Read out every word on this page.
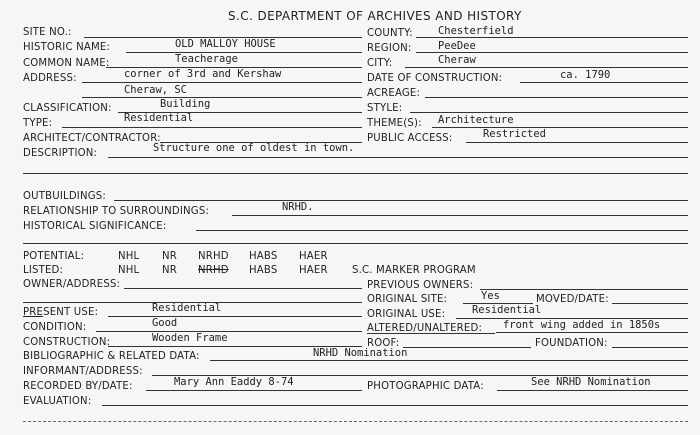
S.C. DEPARTMENT OF ARCHIVES AND HISTORY
SITE NO.:
HISTORIC NAME:	OLD MALLOY HOUSE
COMMON NAME:	Teacherage
ADDRESS:	corner of 3rd and Kershaw
Cheraw, SC
CLASSIFICATION:	Building
TYPE:	Residential
ARCHITECT/CONTRACTOR:
DESCRIPTION:	Structure one of oldest in town.
COUNTY: Chesterfield
REGION: PeeDee
CITY:	Cheraw
DATE OF CONSTRUCTION:	ca. 1790
ACREAGE:
STYLE:
THEME(S): Architecture
PUBLIC ACCESS:	Restricted
OUTBUILDINGS:
RELATIONSHIP TO SURROUNDINGS:	NRHD.
HISTORICAL SIGNIFICANCE:
POTENTIAL:	NHL NR NRHD HABS HAER
LISTED:	NHL NR NRHD HABS HAER S.C. MARKER PROGRAM
OWNER/ADDRESS:
PRESENT USE:	Residential
CONDITION:	Good
CONSTRUCTION:	Wooden Frame
BIBLIOGRAPHIC & RELATED DATA:	NRHD Nomination
INFORMANT/ADDRESS:
RECORDED BY/DATE:	Mary Ann Eaddy 8-74
EVALUATION:
PREVIOUS OWNERS:
ORIGINAL SITE:	Yes	MOVED/DATE:
ORIGINAL USE: Residential
ALTERED/UNALTERED: front wing added in 1850s
ROOF:	FOUNDATION:
PHOTOGRAPHIC DATA:	See NRHD Nomination
